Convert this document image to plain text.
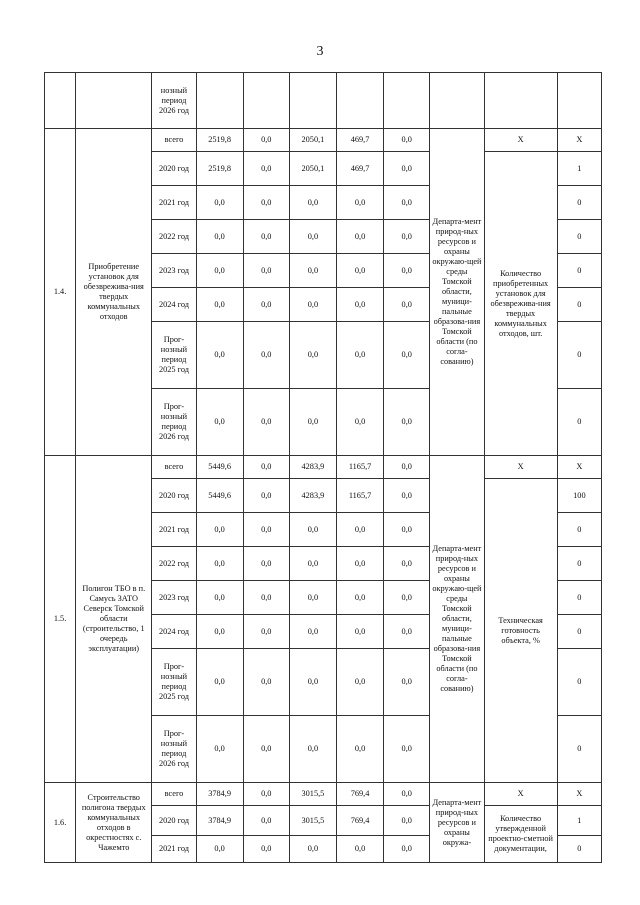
3
		нозный период 2026 год								
1.4.	Приобретение установок для обезврежива-ния твердых коммунальных отходов	всего	2519,8	0,0	2050,1	469,7	0,0	Департа-мент природ-ных ресурсов и охраны окружаю-щей среды Томской области, муници-пальные образова-ния Томской области (по согла-сованию)	X	X
		2020 год	2519,8	0,0	2050,1	469,7	0,0		Количество приобретенных установок для обезврежива-ния твердых коммунальных отходов, шт.	1
		2021 год	0,0	0,0	0,0	0,0	0,0			0
		2022 год	0,0	0,0	0,0	0,0	0,0			0
		2023 год	0,0	0,0	0,0	0,0	0,0			0
		2024 год	0,0	0,0	0,0	0,0	0,0			0
		Прог-нозный период 2025 год	0,0	0,0	0,0	0,0	0,0			0
		Прог-нозный период 2026 год	0,0	0,0	0,0	0,0	0,0			0
1.5.	Полигон ТБО в п. Самусь ЗАТО Северск Томской области (строительство, 1 очередь эксплуатации)	всего	5449,6	0,0	4283,9	1165,7	0,0	Департа-мент природ-ных ресурсов и охраны окружаю-щей среды Томской области, муници-пальные образова-ния Томской области (по согла-сованию)	X	X
		2020 год	5449,6	0,0	4283,9	1165,7	0,0		Техническая готовность объекта, %	100
		2021 год	0,0	0,0	0,0	0,0	0,0			0
		2022 год	0,0	0,0	0,0	0,0	0,0			0
		2023 год	0,0	0,0	0,0	0,0	0,0			0
		2024 год	0,0	0,0	0,0	0,0	0,0			0
		Прог-нозный период 2025 год	0,0	0,0	0,0	0,0	0,0			0
		Прог-нозный период 2026 год	0,0	0,0	0,0	0,0	0,0			0
1.6.	Строительство полигона твердых коммунальных отходов в окрестностях с. Чажемто	всего	3784,9	0,0	3015,5	769,4	0,0	Департа-мент природ-ных ресурсов и охраны окружа-	X	X
		2020 год	3784,9	0,0	3015,5	769,4	0,0		Количество утвержденной проектно-сметной документации,	1
		2021 год	0,0	0,0	0,0	0,0	0,0			0
